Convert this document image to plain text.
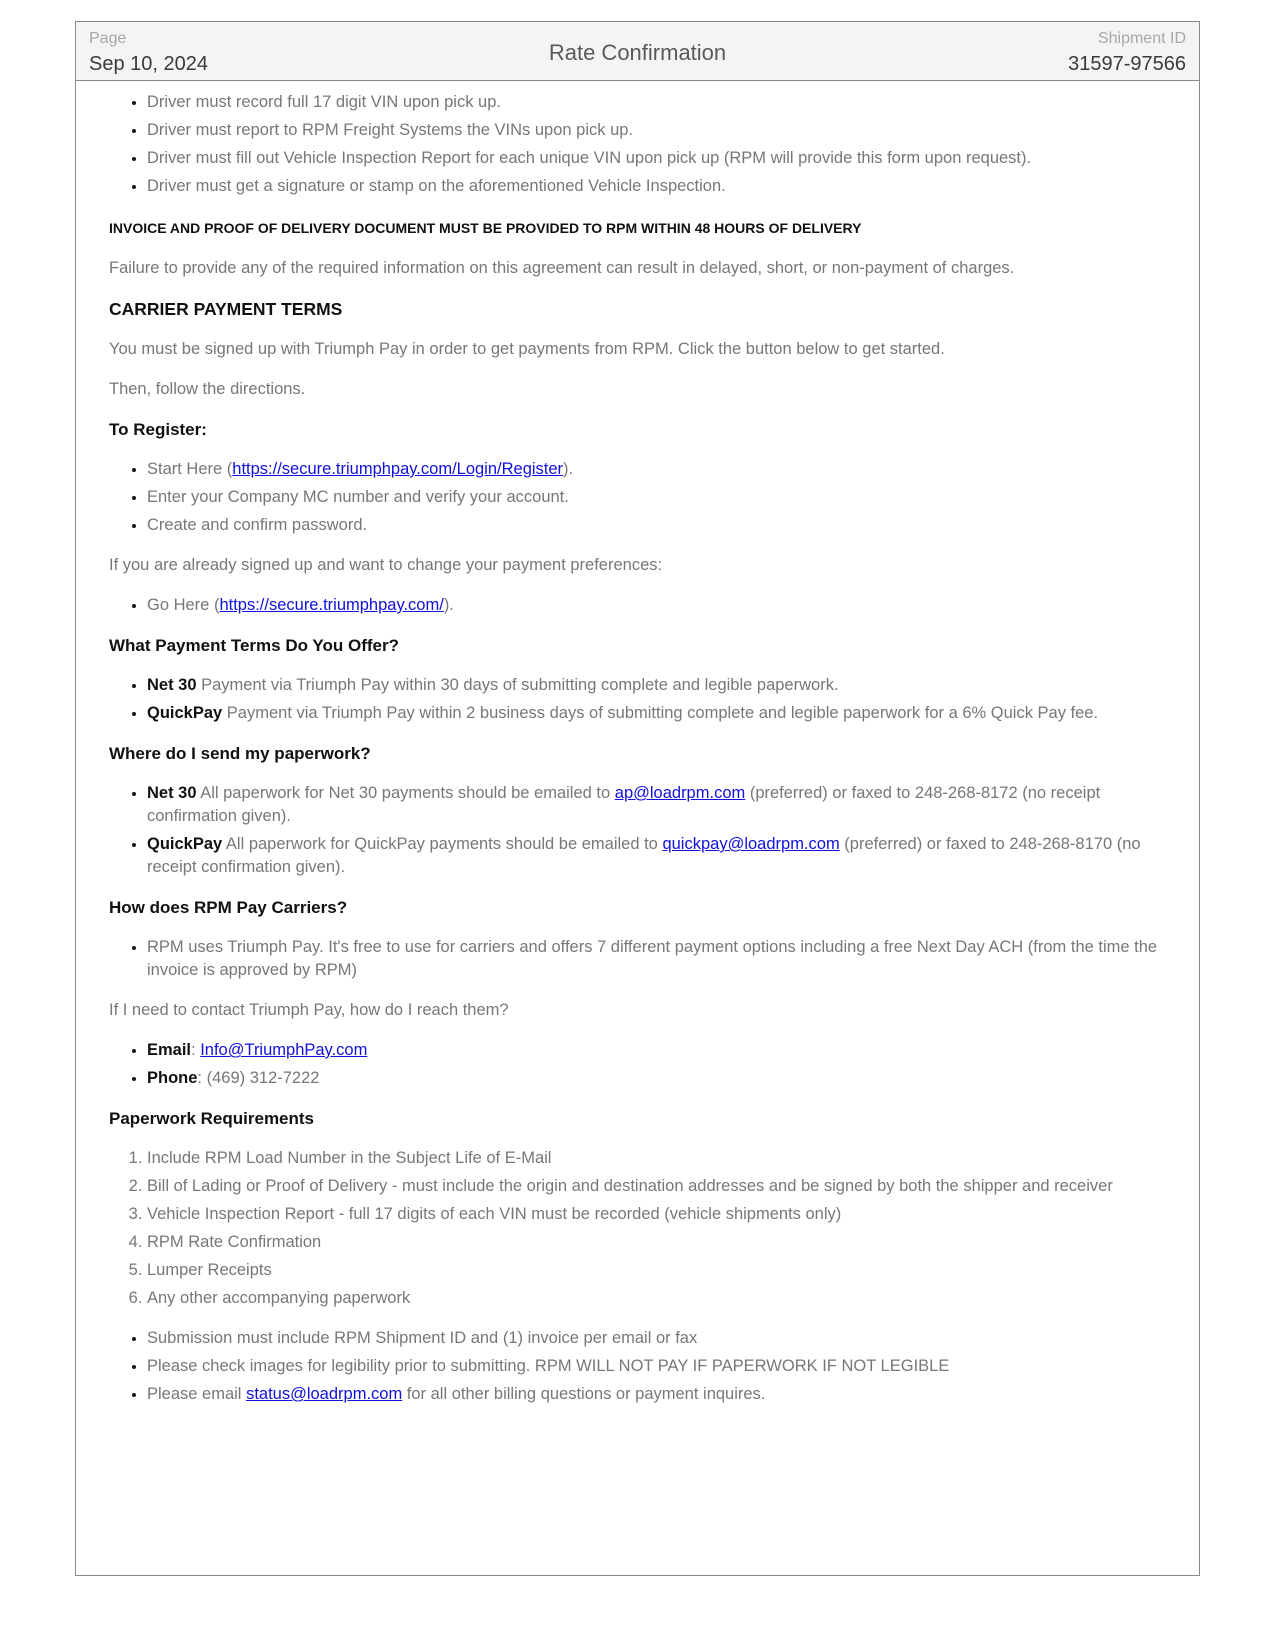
Page
Sep 10, 2024	Rate Confirmation
Shipment ID
31597-97566
• Driver must record full 17 digit VIN upon pick up.
• Driver must report to RPM Freight Systems the VINs upon pick up.
• Driver must fill out Vehicle Inspection Report for each unique VIN upon pick up (RPM will provide this form upon request).
• Driver must get a signature or stamp on the aforementioned Vehicle Inspection.

INVOICE AND PROOF OF DELIVERY DOCUMENT MUST BE PROVIDED TO RPM WITHIN 48 HOURS OF DELIVERY

Failure to provide any of the required information on this agreement can result in delayed, short, or non-payment of charges.

CARRIER PAYMENT TERMS

You must be signed up with Triumph Pay in order to get payments from RPM. Click the button below to get started.

Then, follow the directions.

To Register:

• Start Here (https://secure.triumphpay.com/Login/Register).
• Enter your Company MC number and verify your account.
• Create and confirm password.

If you are already signed up and want to change your payment preferences:

• Go Here (https://secure.triumphpay.com/).

What Payment Terms Do You Offer?

• Net 30 Payment via Triumph Pay within 30 days of submitting complete and legible paperwork.
• QuickPay Payment via Triumph Pay within 2 business days of submitting complete and legible paperwork for a 6% Quick Pay fee.

Where do I send my paperwork?

• Net 30 All paperwork for Net 30 payments should be emailed to ap@loadrpm.com (preferred) or faxed to 248-268-8172 (no receipt confirmation given).
• QuickPay All paperwork for QuickPay payments should be emailed to quickpay@loadrpm.com (preferred) or faxed to 248-268-8170 (no receipt confirmation given).

How does RPM Pay Carriers?

• RPM uses Triumph Pay. It's free to use for carriers and offers 7 different payment options including a free Next Day ACH (from the time the invoice is approved by RPM)

If I need to contact Triumph Pay, how do I reach them?

• Email: Info@TriumphPay.com
• Phone: (469) 312-7222

Paperwork Requirements

1. Include RPM Load Number in the Subject Life of E-Mail
2. Bill of Lading or Proof of Delivery - must include the origin and destination addresses and be signed by both the shipper and receiver
3. Vehicle Inspection Report - full 17 digits of each VIN must be recorded (vehicle shipments only)
4. RPM Rate Confirmation
5. Lumper Receipts
6. Any other accompanying paperwork
• Submission must include RPM Shipment ID and (1) invoice per email or fax
• Please check images for legibility prior to submitting. RPM WILL NOT PAY IF PAPERWORK IF NOT LEGIBLE
• Please email status@loadrpm.com for all other billing questions or payment inquires.
